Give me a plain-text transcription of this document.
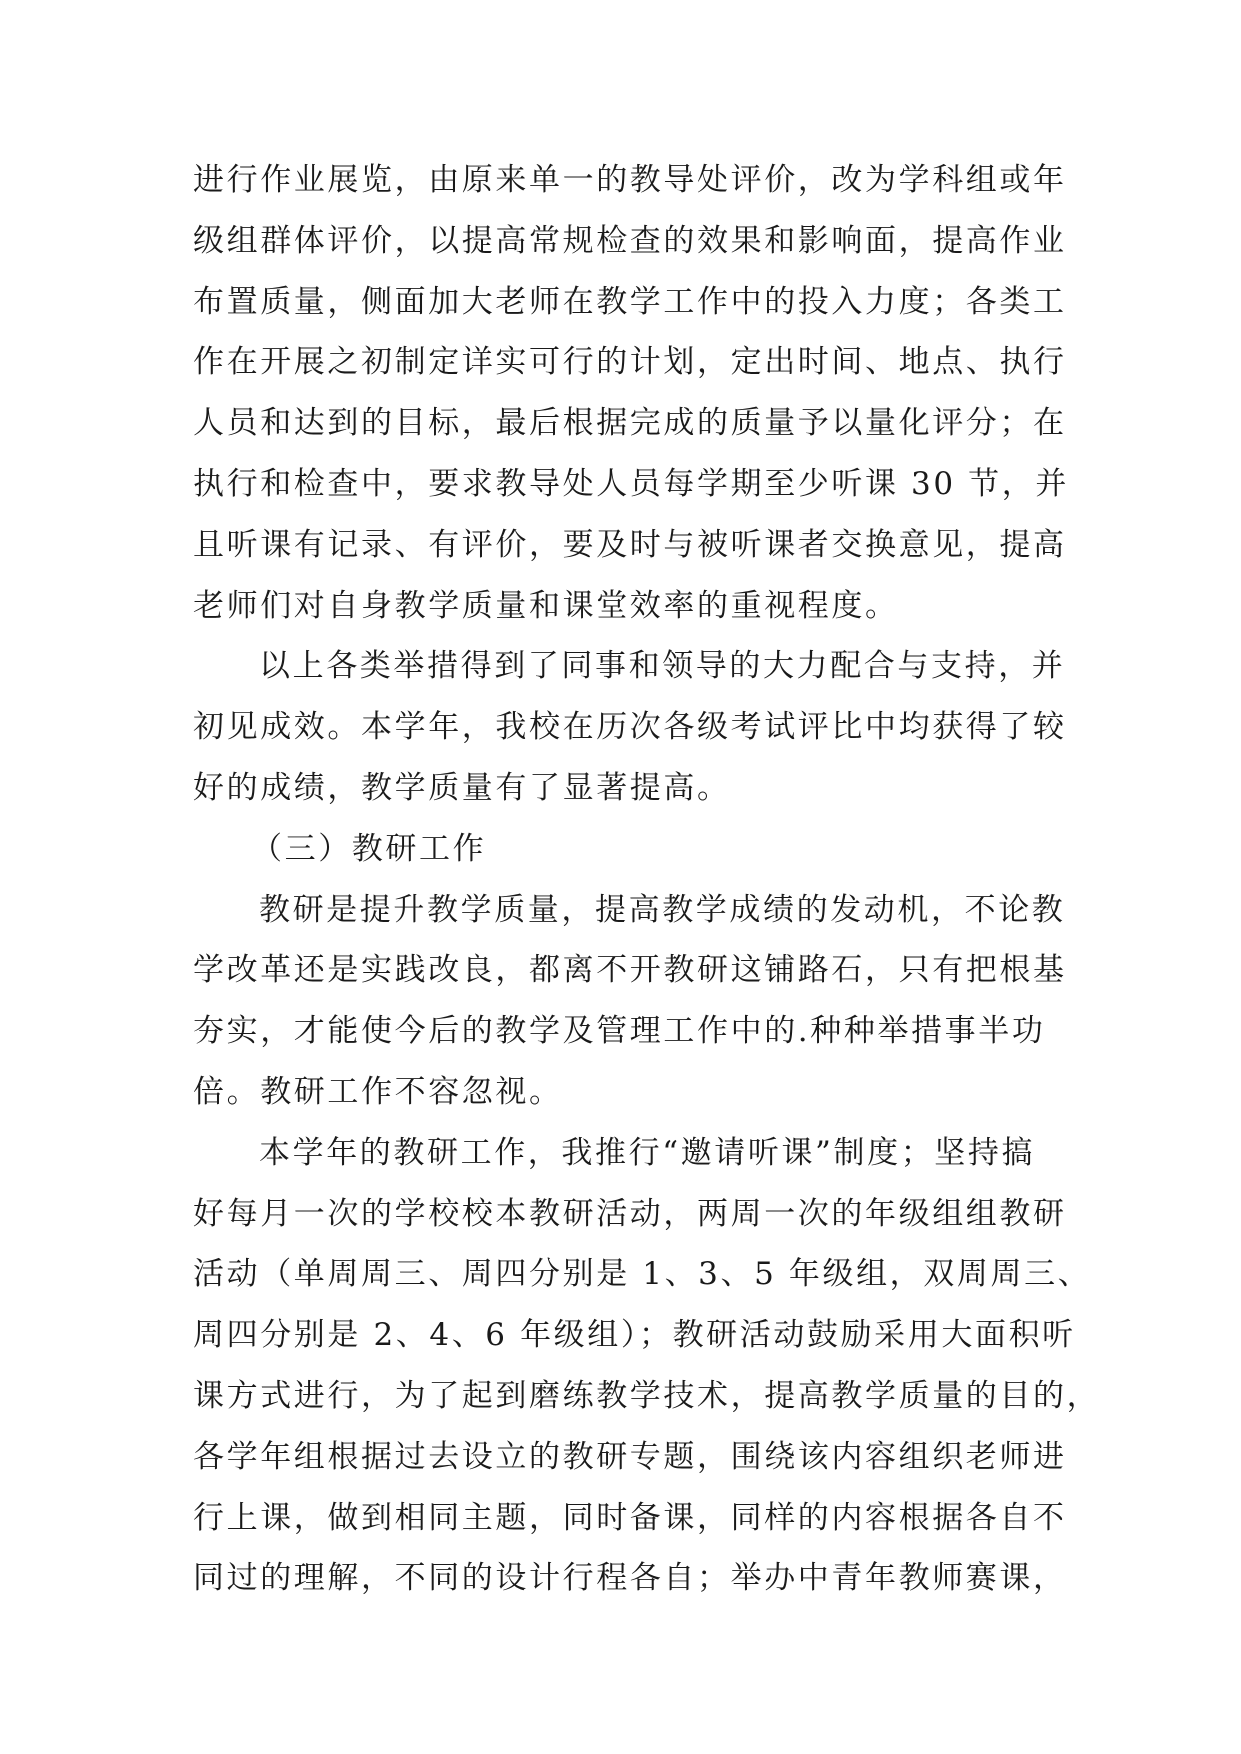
进行作业展览，由原来单一的教导处评价，改为学科组或年
级组群体评价，以提高常规检查的效果和影响面，提高作业
布置质量，侧面加大老师在教学工作中的投入力度；各类工
作在开展之初制定详实可行的计划，定出时间、地点、执行
人员和达到的目标，最后根据完成的质量予以量化评分；在
执行和检查中，要求教导处人员每学期至少听课 30 节，并
且听课有记录、有评价，要及时与被听课者交换意见，提高
老师们对自身教学质量和课堂效率的重视程度。
以上各类举措得到了同事和领导的大力配合与支持，并
初见成效。本学年，我校在历次各级考试评比中均获得了较
好的成绩，教学质量有了显著提高。
（三）教研工作
教研是提升教学质量，提高教学成绩的发动机，不论教
学改革还是实践改良，都离不开教研这铺路石，只有把根基
夯实，才能使今后的教学及管理工作中的.种种举措事半功
倍。教研工作不容忽视。
本学年的教研工作，我推行“邀请听课”制度；坚持搞
好每月一次的学校校本教研活动，两周一次的年级组组教研
活动（单周周三、周四分别是 1、3、5 年级组，双周周三、
周四分别是 2、4、6 年级组）；教研活动鼓励采用大面积听
课方式进行，为了起到磨练教学技术，提高教学质量的目的，
各学年组根据过去设立的教研专题，围绕该内容组织老师进
行上课，做到相同主题，同时备课，同样的内容根据各自不
同过的理解，不同的设计行程各自；举办中青年教师赛课，
